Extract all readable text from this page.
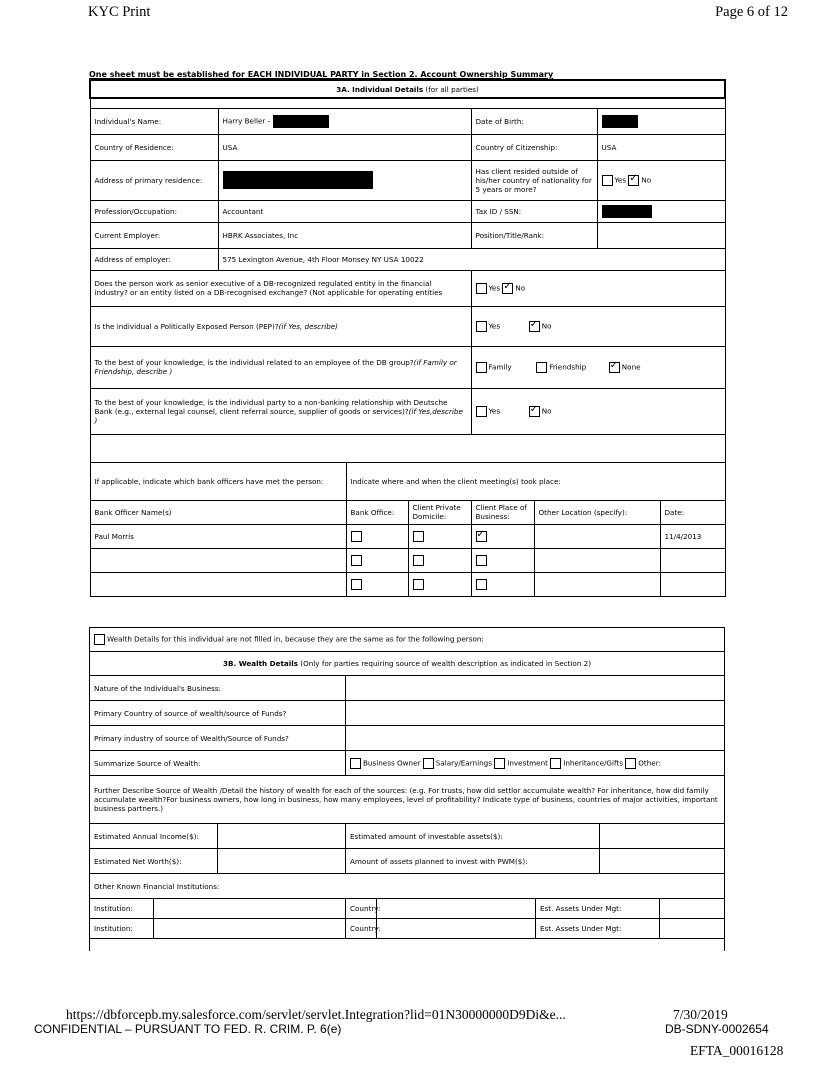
KYC Print	Page 6 of 12
One sheet must be established for EACH INDIVIDUAL PARTY in Section 2. Account Ownership Summary
3A. Individual Details (for all parties)							

Individual's Name:	Harry Beller -			Date of Birth:			
Country of Residence:	USA			Country of Citizenship:		USA	
Address of primary residence:				Has client resided outside of his/her country of nationality for 5 years or more?		Yes ✓ No
Profession/Occupation:	Accountant			Tax ID / SSN:			
Current Employer:	HBRK Associates, Inc			Position/Title/Rank:			
Address of employer:	575 Lexington Avenue, 4th Floor Monsey NY USA 10022						
Does the person work as senior executive of a DB-recognized regulated entity in the financial industry? or an entity listed on a DB-recognised exchange? (Not applicable for operating entities				Yes ✓ No
Is the individual a Politically Exposed Person (PEP)?(if Yes, describe)				Yes ✓ No
To the best of your knowledge, is the individual related to an employee of the DB group?(if Family or Friendship, describe )				Family Friendship ✓ None
To the best of your knowledge, is the individual party to a non-banking relationship with Deutsche Bank (e.g., external legal counsel, client referral source, supplier of goods or services)?(if Yes,describe )				Yes ✓ No

If applicable, indicate which bank officers have met the person:		Indicate where and when the client meeting(s) took place:					
Bank Officer Name(s)		Bank Office:	Client Private Domicile:	Client Place of Business:	Other Location (specify):		Date:
Paul Morris			✓				11/4/2013

Wealth Details for this individual are not filled in, because they are the same as for the following person:							
3B. Wealth Details (Only for parties requiring source of wealth description as indicated in Section 2)							
Nature of the Individual's Business:							
Primary Country of source of wealth/source of Funds?							
Primary industry of source of Wealth/Source of Funds?							
Summarize Source of Wealth:			Business Owner Salary/Earnings Investment Inheritance/Gifts Other:				
Further Describe Source of Wealth /Detail the history of wealth for each of the sources: (e.g. For trusts, how did settlor accumulate wealth? For inheritance, how did family accumulate wealth?For business owners, how long in business, how many employees, level of profitability? Indicate type of business, countries of major activities, important business partners.)							
Estimated Annual Income($):			Estimated amount of investable assets($):				
Estimated Net Worth($):			Amount of assets planned to invest with PWM($):				
Other Known Financial Institutions:							
Institution:			Country:		Est. Assets Under Mgt:		
Institution:			Country:		Est. Assets Under Mgt:		

https://dbforcepb.my.salesforce.com/servlet/servlet.Integration?lid=01N30000000D9Di&e...	7/30/2019
CONFIDENTIAL – PURSUANT TO FED. R. CRIM. P. 6(e)	DB-SDNY-0002654
EFTA_00016128
